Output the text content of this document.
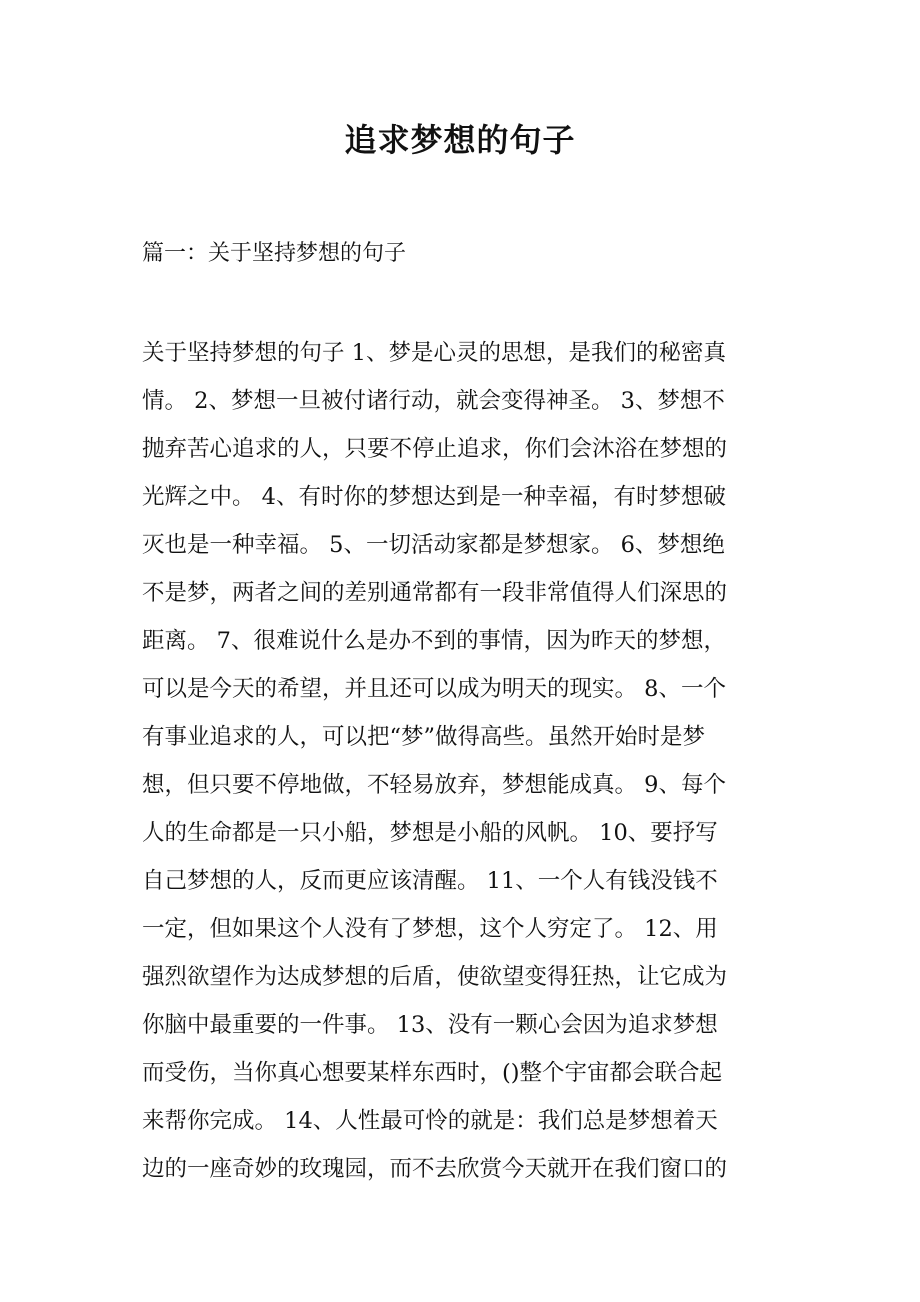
追求梦想的句子
篇一：关于坚持梦想的句子
关于坚持梦想的句子 1、梦是心灵的思想，是我们的秘密真
情。 2、梦想一旦被付诸行动，就会变得神圣。 3、梦想不
抛弃苦心追求的人，只要不停止追求，你们会沐浴在梦想的
光辉之中。 4、有时你的梦想达到是一种幸福，有时梦想破
灭也是一种幸福。 5、一切活动家都是梦想家。 6、梦想绝
不是梦，两者之间的差别通常都有一段非常值得人们深思的
距离。 7、很难说什么是办不到的事情，因为昨天的梦想，
可以是今天的希望，并且还可以成为明天的现实。 8、一个
有事业追求的人，可以把“梦”做得高些。虽然开始时是梦
想，但只要不停地做，不轻易放弃，梦想能成真。 9、每个
人的生命都是一只小船，梦想是小船的风帆。 10、要抒写
自己梦想的人，反而更应该清醒。 11、一个人有钱没钱不
一定，但如果这个人没有了梦想，这个人穷定了。 12、用
强烈欲望作为达成梦想的后盾，使欲望变得狂热，让它成为
你脑中最重要的一件事。 13、没有一颗心会因为追求梦想
而受伤，当你真心想要某样东西时，()整个宇宙都会联合起
来帮你完成。 14、人性最可怜的就是：我们总是梦想着天
边的一座奇妙的玫瑰园，而不去欣赏今天就开在我们窗口的
